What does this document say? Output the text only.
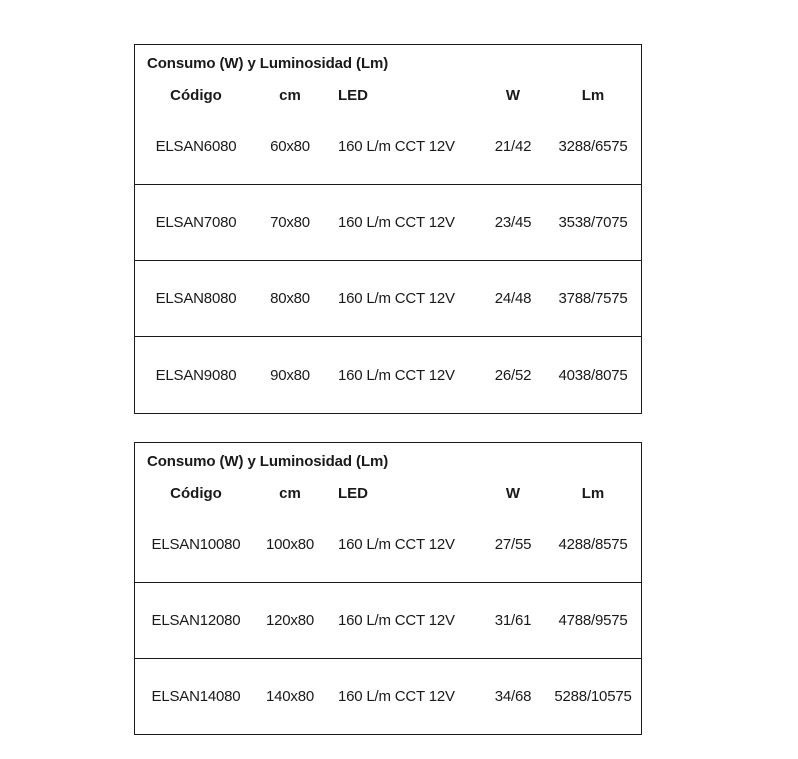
Consumo (W) y Luminosidad (Lm)
Código	cm	LED	W	Lm
ELSAN6080	60x80	160 L/m CCT 12V	21/42	3288/6575
ELSAN7080	70x80	160 L/m CCT 12V	23/45	3538/7075
ELSAN8080	80x80	160 L/m CCT 12V	24/48	3788/7575
ELSAN9080	90x80	160 L/m CCT 12V	26/52	4038/8075
Consumo (W) y Luminosidad (Lm)
Código	cm	LED	W	Lm
ELSAN10080	100x80	160 L/m CCT 12V	27/55	4288/8575
ELSAN12080	120x80	160 L/m CCT 12V	31/61	4788/9575
ELSAN14080	140x80	160 L/m CCT 12V	34/68	5288/10575
